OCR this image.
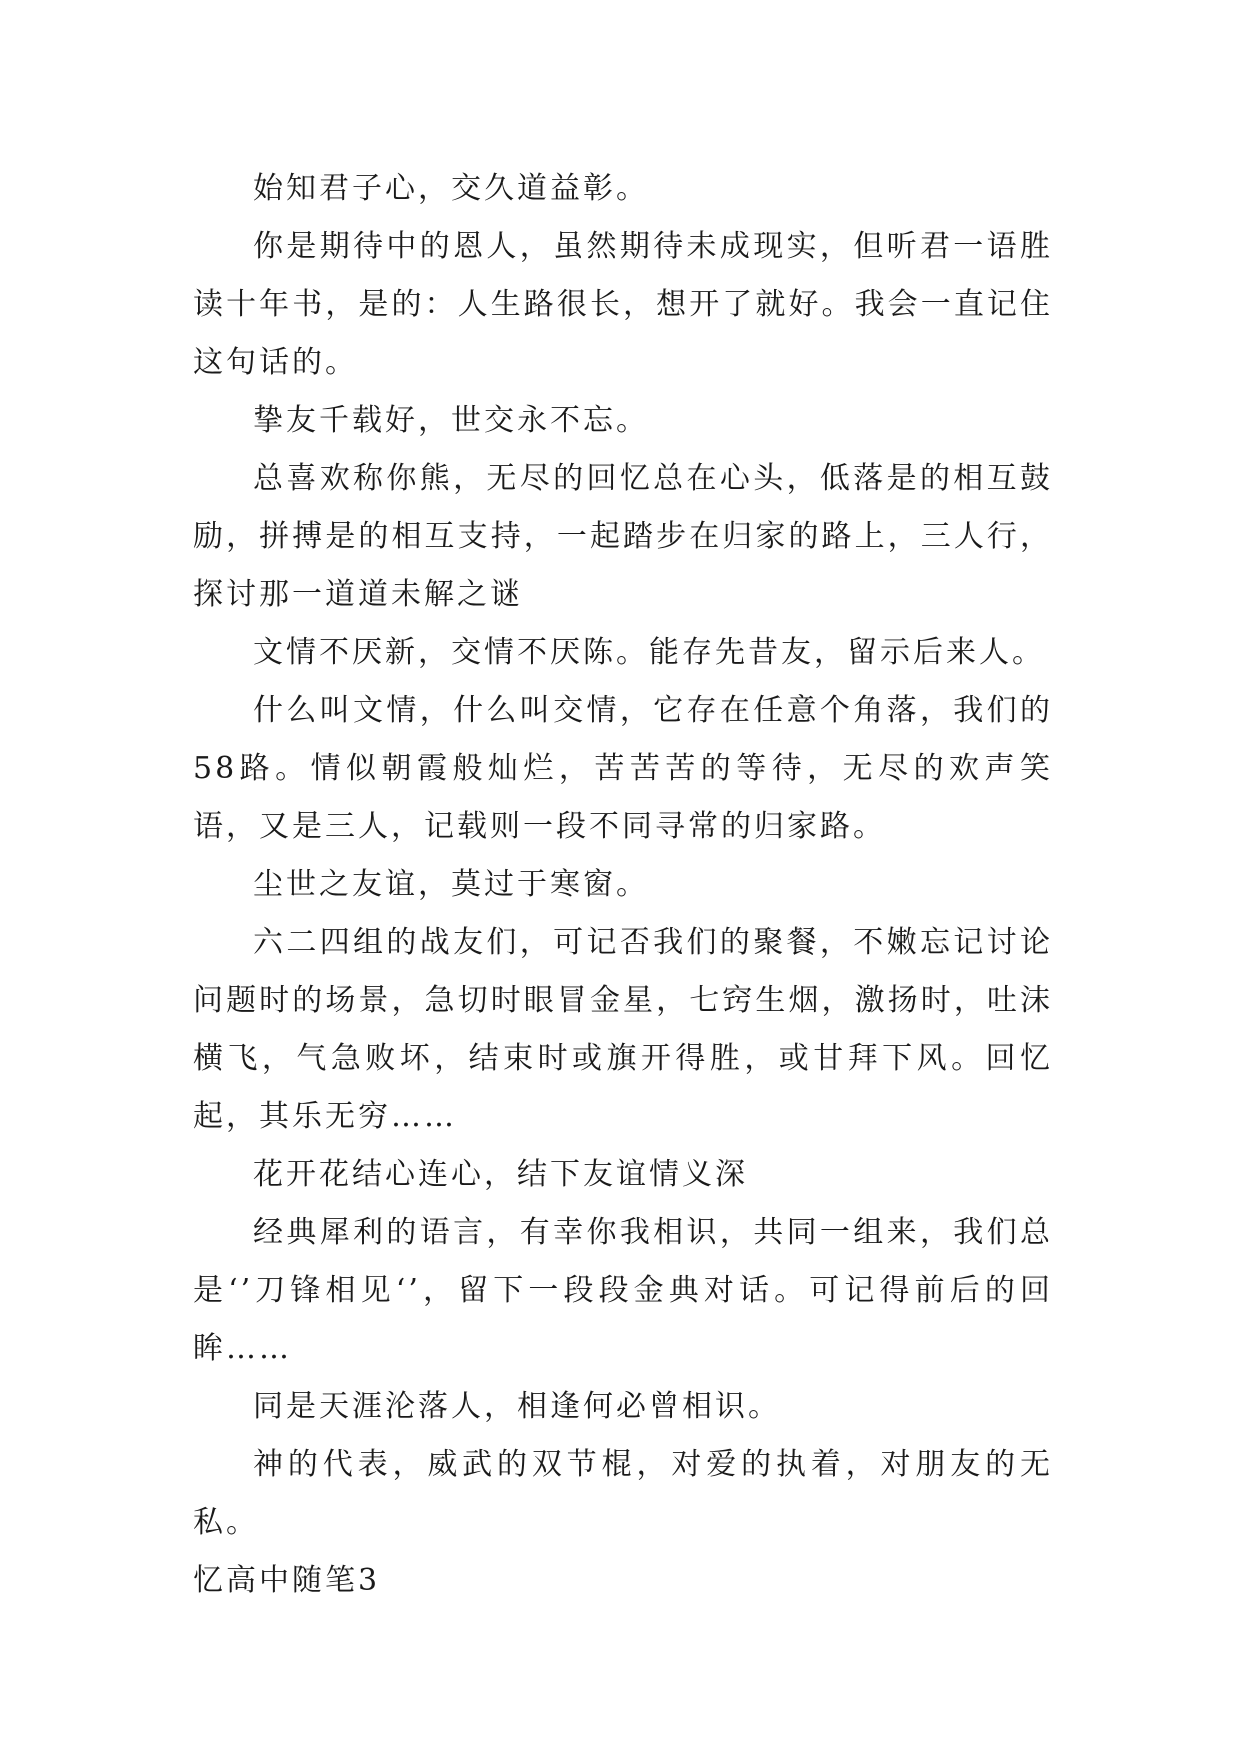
始知君子心，交久道益彰。

你是期待中的恩人，虽然期待未成现实，但听君一语胜读十年书，是的：人生路很长，想开了就好。我会一直记住这句话的。

挚友千载好，世交永不忘。

总喜欢称你熊，无尽的回忆总在心头，低落是的相互鼓励，拼搏是的相互支持，一起踏步在归家的路上，三人行，探讨那一道道未解之谜

文情不厌新，交情不厌陈。能存先昔友，留示后来人。

什么叫文情，什么叫交情，它存在任意个角落，我们的58路。情似朝霞般灿烂，苦苦苦的等待，无尽的欢声笑语，又是三人，记载则一段不同寻常的归家路。

尘世之友谊，莫过于寒窗。

六二四组的战友们，可记否我们的聚餐，不嫩忘记讨论问题时的场景，急切时眼冒金星，七窍生烟，激扬时，吐沫横飞，气急败坏，结束时或旗开得胜，或甘拜下风。回忆起，其乐无穷……

花开花结心连心，结下友谊情义深

经典犀利的语言，有幸你我相识，共同一组来，我们总是‘’刀锋相见‘’，留下一段段金典对话。可记得前后的回眸……

同是天涯沦落人，相逢何必曾相识。

神的代表，威武的双节棍，对爱的执着，对朋友的无私。

忆高中随笔3
